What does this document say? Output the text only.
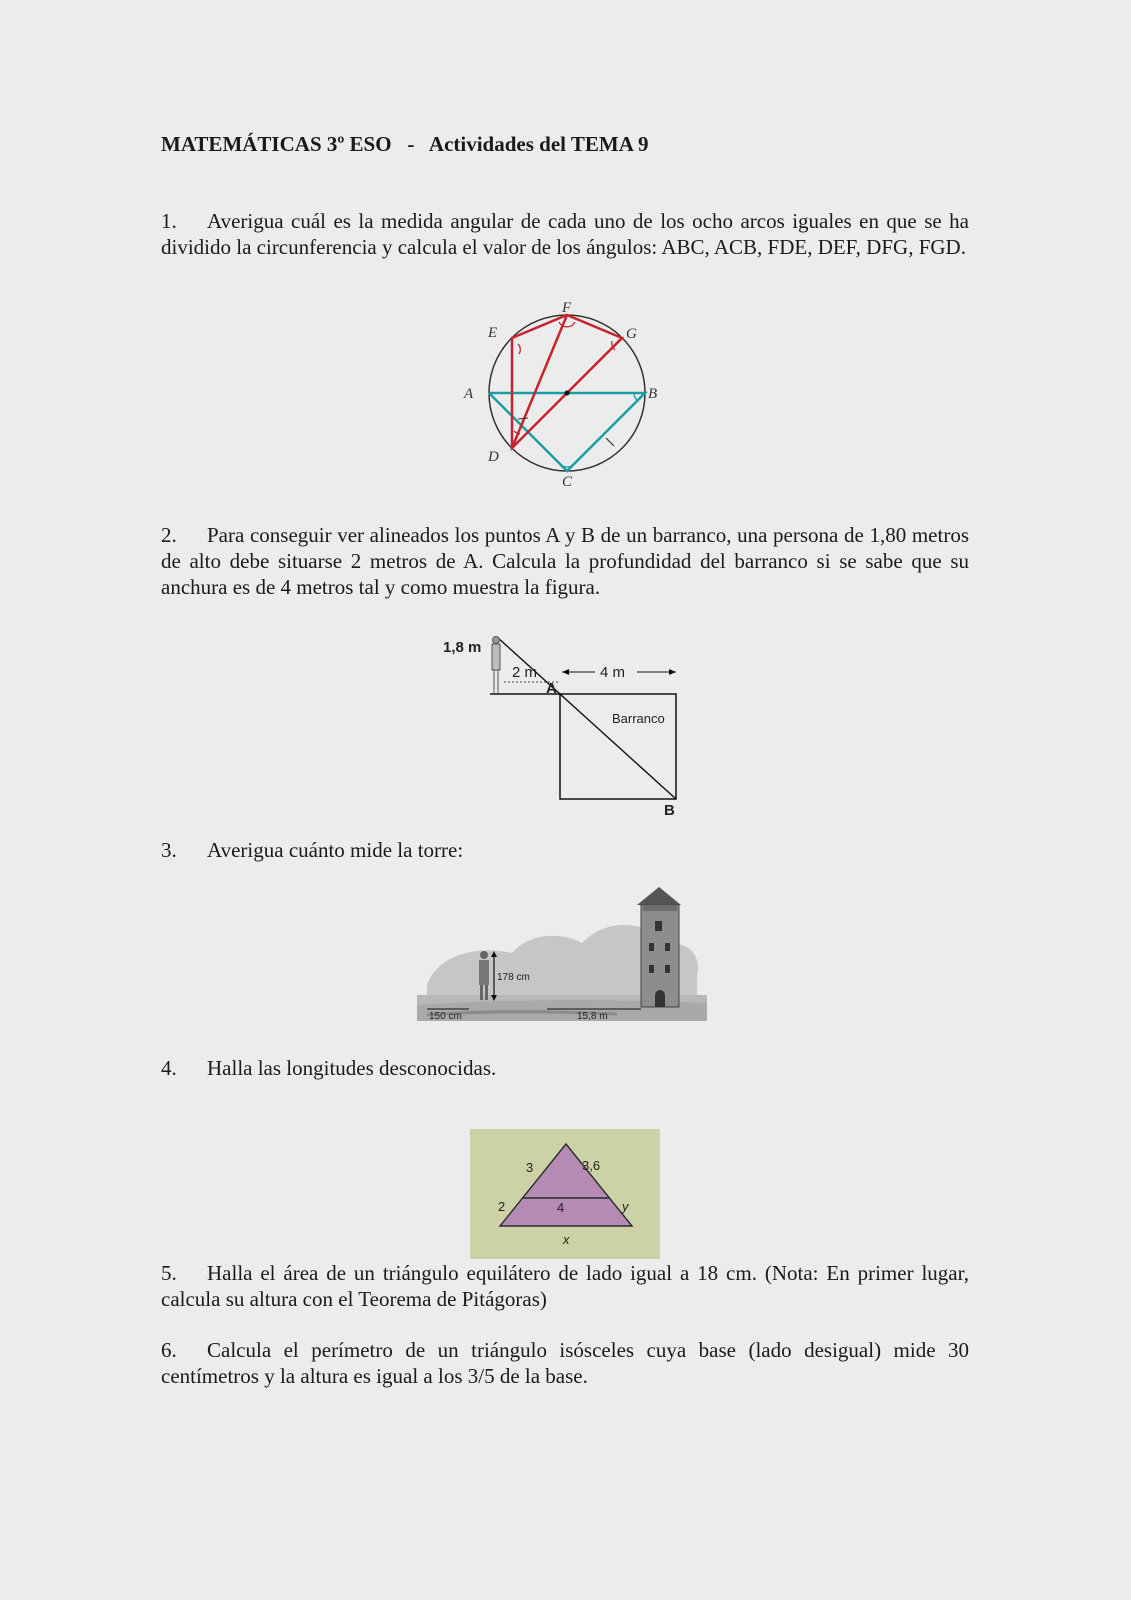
MATEMÁTICAS 3º ESO   -   Actividades del TEMA 9
1. Averigua cuál es la medida angular de cada uno de los ocho arcos iguales en que se ha dividido la circunferencia y calcula el valor de los ángulos: ABC, ACB, FDE, DEF, DFG, FGD.
A	B
C
D
E
F
G
2. Para conseguir ver alineados los puntos A y B de un barranco, una persona de 1,80 metros de alto debe situarse 2 metros de A. Calcula la profundidad del barranco si se sabe que su anchura es de 4 metros tal y como muestra la figura.
1,8 m
2 m	4 m
A
B
Barranco
3. Averigua cuánto mide la torre:
178 cm
150 cm	15,8 m
4. Halla las longitudes desconocidas.
3	3,6
2	4	y
x
5. Halla el área de un triángulo equilátero de lado igual a 18 cm. (Nota: En primer lugar, calcula su altura con el Teorema de Pitágoras)
6. Calcula el perímetro de un triángulo isósceles cuya base (lado desigual) mide 30 centímetros y la altura es igual a los 3/5 de la base.
